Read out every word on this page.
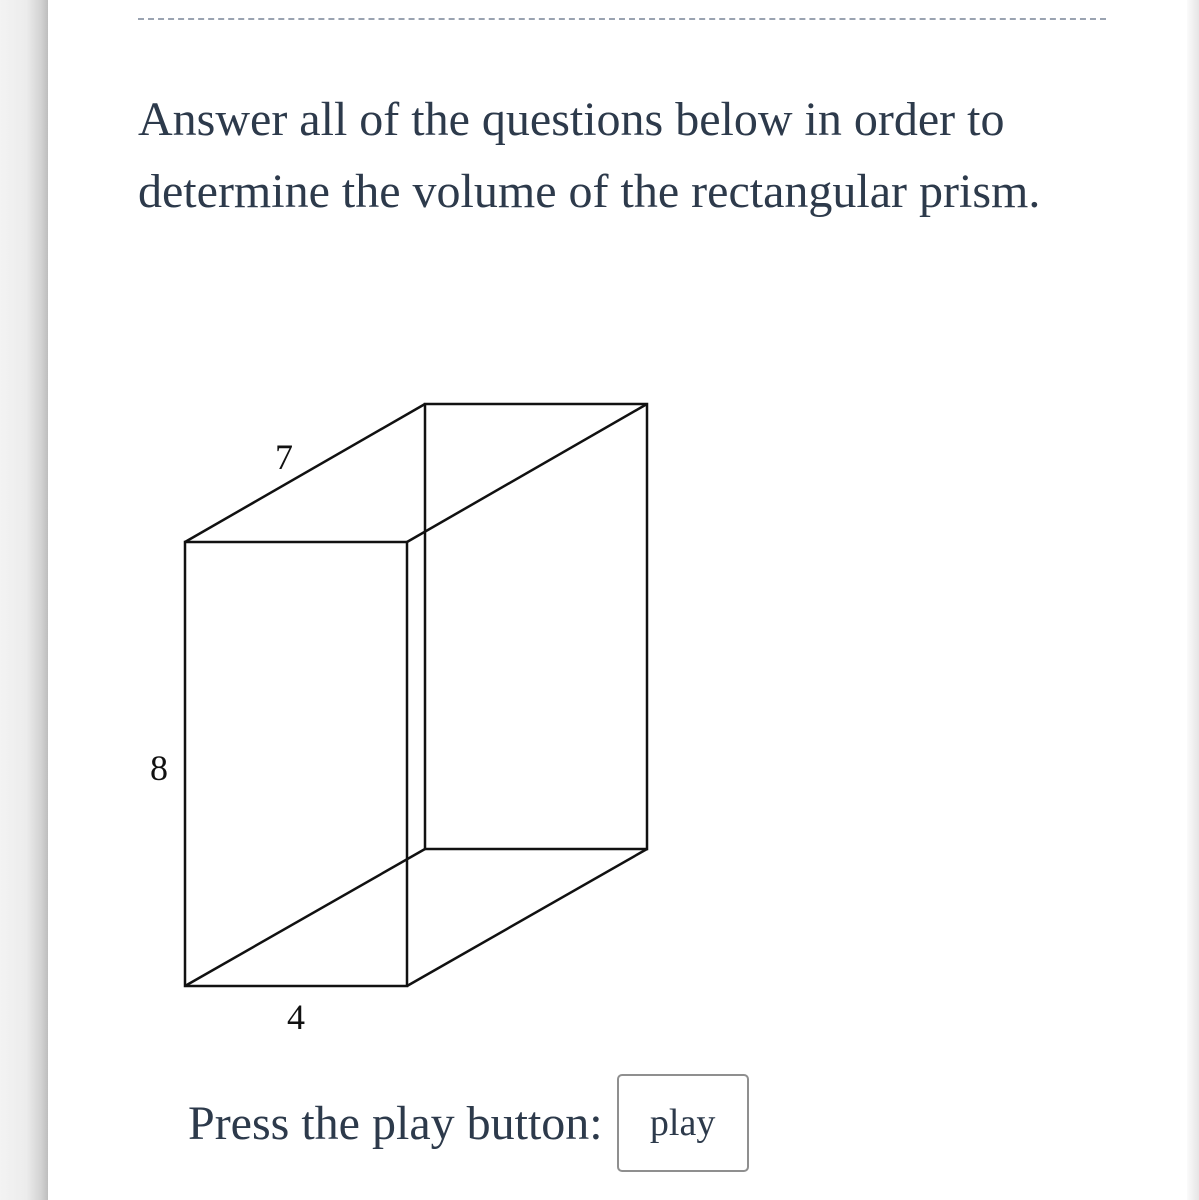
Answer all of the questions below in order to determine the volume of the rectangular prism.

7
8
4
Press the play button:	play
